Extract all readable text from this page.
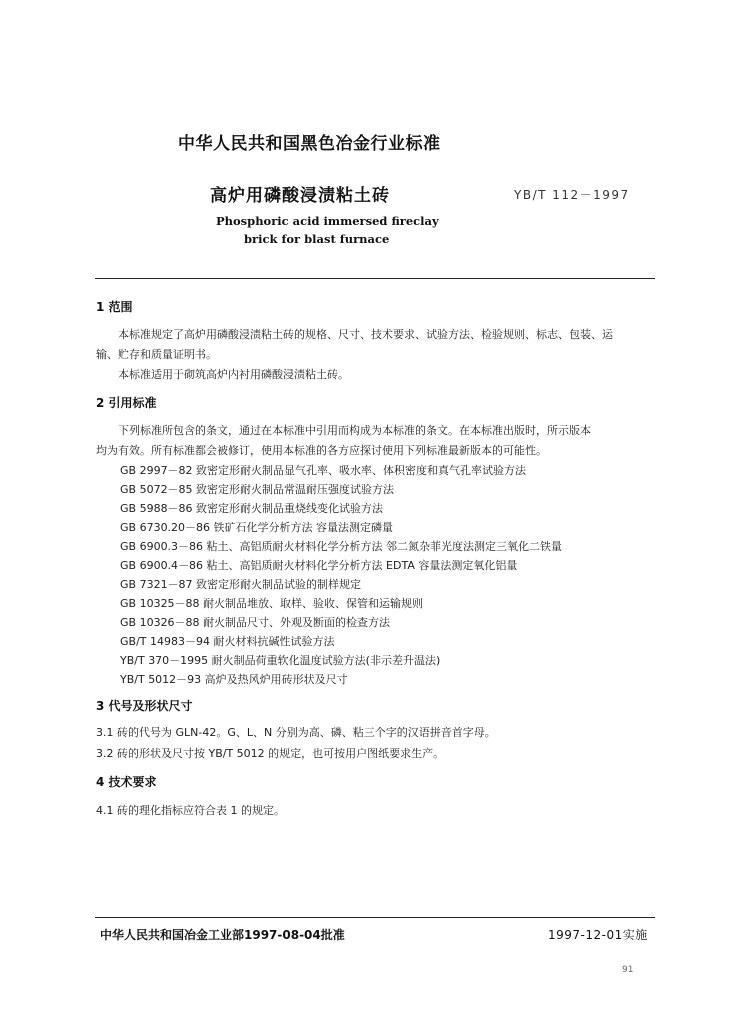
中华人民共和国黑色冶金行业标准
高炉用磷酸浸渍粘土砖	YB/T 112－1997
Phosphoric acid immersed fireclay
brick for blast furnace
1 范围
本标准规定了高炉用磷酸浸渍粘土砖的规格、尺寸、技术要求、试验方法、检验规则、标志、包装、运
输、贮存和质量证明书。
本标准适用于砌筑高炉内衬用磷酸浸渍粘土砖。
2 引用标准
下列标准所包含的条文，通过在本标准中引用而构成为本标准的条文。在本标准出版时，所示版本
均为有效。所有标准都会被修订，使用本标准的各方应探讨使用下列标准最新版本的可能性。
GB 2997－82 致密定形耐火制品显气孔率、吸水率、体积密度和真气孔率试验方法
GB 5072－85 致密定形耐火制品常温耐压强度试验方法
GB 5988－86 致密定形耐火制品重烧线变化试验方法
GB 6730.20－86 铁矿石化学分析方法 容量法测定磷量
GB 6900.3－86 粘土、高铝质耐火材料化学分析方法 邻二氮杂菲光度法测定三氧化二铁量
GB 6900.4－86 粘土、高铝质耐火材料化学分析方法 EDTA 容量法测定氧化铝量
GB 7321－87 致密定形耐火制品试验的制样规定
GB 10325－88 耐火制品堆放、取样、验收、保管和运输规则
GB 10326－88 耐火制品尺寸、外观及断面的检查方法
GB/T 14983－94 耐火材料抗碱性试验方法
YB/T 370－1995 耐火制品荷重软化温度试验方法(非示差升温法)
YB/T 5012－93 高炉及热风炉用砖形状及尺寸
3 代号及形状尺寸
3.1 砖的代号为 GLN-42。G、L、N 分别为高、磷、粘三个字的汉语拼音首字母。
3.2 砖的形状及尺寸按 YB/T 5012 的规定，也可按用户图纸要求生产。
4 技术要求
4.1 砖的理化指标应符合表 1 的规定。
中华人民共和国冶金工业部1997-08-04批准	1997-12-01实施
91
